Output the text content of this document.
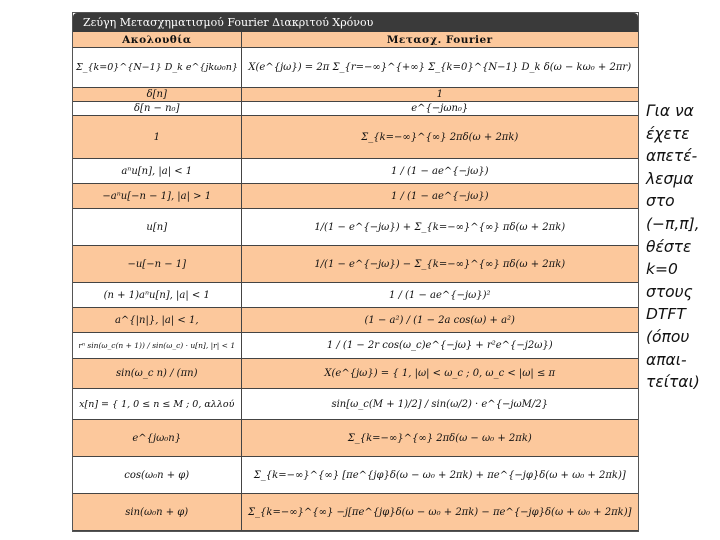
Ζεύγη Μετασχηματισμού Fourier Διακριτού Χρόνου
Ακολουθία	Μετασχ. Fourier
Σ_{k=0}^{N−1} D_k e^{jkω₀n}	X(e^{jω}) = 2π Σ_{r=−∞}^{+∞} Σ_{k=0}^{N−1} D_k δ(ω − kω₀ + 2πr)
δ[n]	1
δ[n − n₀]	e^{−jωn₀}
1	Σ_{k=−∞}^{∞} 2πδ(ω + 2πk)
aⁿu[n], |a| < 1	1 / (1 − ae^{−jω})
−aⁿu[−n − 1], |a| > 1	1 / (1 − ae^{−jω})
u[n]	1/(1 − e^{−jω}) + Σ_{k=−∞}^{∞} πδ(ω + 2πk)
−u[−n − 1]	1/(1 − e^{−jω}) − Σ_{k=−∞}^{∞} πδ(ω + 2πk)
(n + 1)aⁿu[n], |a| < 1	1 / (1 − ae^{−jω})²
a^{|n|}, |a| < 1,	(1 − a²) / (1 − 2a cos(ω) + a²)
rⁿ sin(ω_c(n + 1)) / sin(ω_c) · u[n], |r| < 1	1 / (1 − 2r cos(ω_c)e^{−jω} + r²e^{−j2ω})
sin(ω_c n) / (πn)	X(e^{jω}) = { 1, |ω| < ω_c ; 0, ω_c < |ω| ≤ π
x[n] = { 1, 0 ≤ n ≤ M ; 0, αλλού	sin[ω_c(M + 1)/2] / sin(ω/2) · e^{−jωM/2}
e^{jω₀n}	Σ_{k=−∞}^{∞} 2πδ(ω − ω₀ + 2πk)
cos(ω₀n + φ)	Σ_{k=−∞}^{∞} [πe^{jφ}δ(ω − ω₀ + 2πk) + πe^{−jφ}δ(ω + ω₀ + 2πk)]
sin(ω₀n + φ)	Σ_{k=−∞}^{∞} −j[πe^{jφ}δ(ω − ω₀ + 2πk) − πe^{−jφ}δ(ω + ω₀ + 2πk)]
Για να
έχετε
απετέ-
λεσμα
στο
(−π,π],
θέστε
k=0
στους
DTFT
(όπου
απαι-
τείται)
